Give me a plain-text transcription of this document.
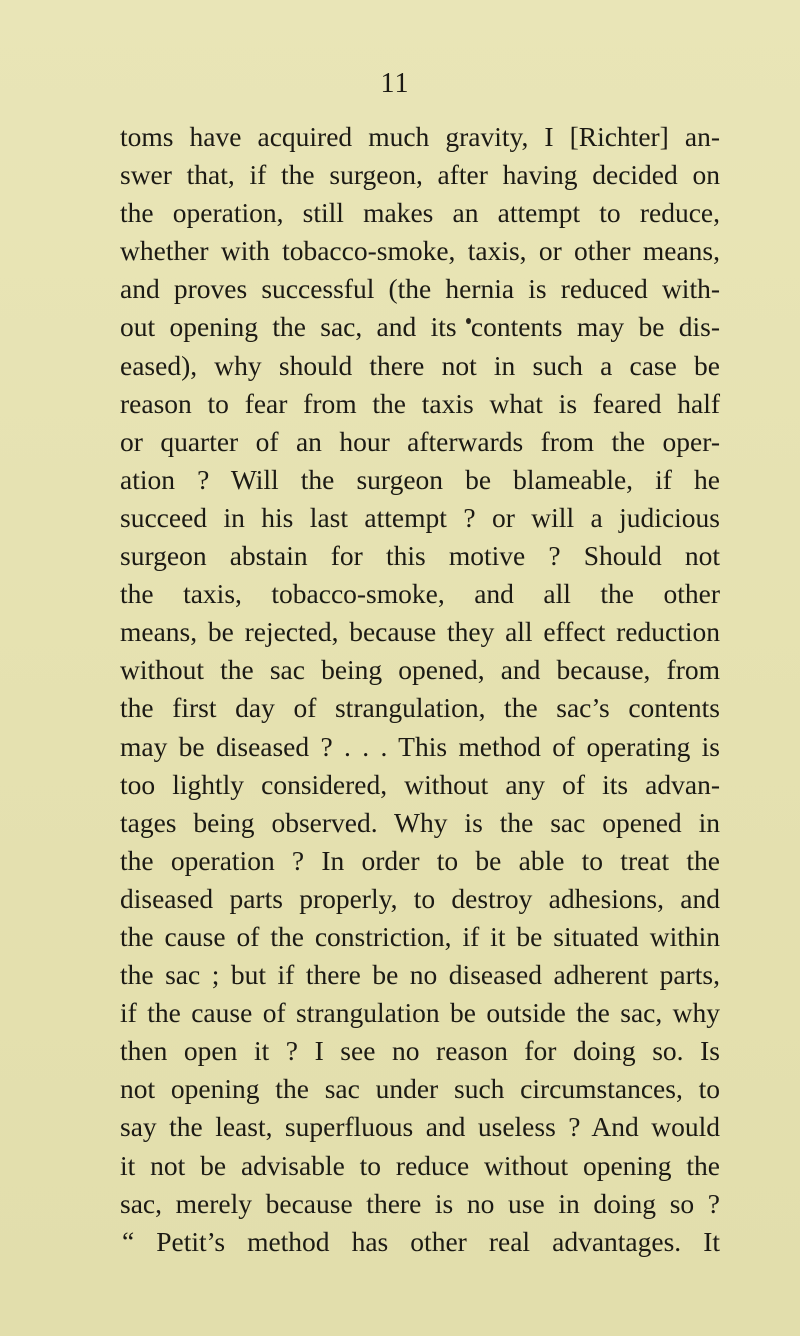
11
toms have acquired much gravity, I [Richter] an-
swer that, if the surgeon, after having decided on
the operation, still makes an attempt to reduce,
whether with tobacco-smoke, taxis, or other means,
and proves successful (the hernia is reduced with-
out opening the sac, and its contents may be dis-
eased), why should there not in such a case be
reason to fear from the taxis what is feared half
or quarter of an hour afterwards from the oper-
ation ? Will the surgeon be blameable, if he
succeed in his last attempt ? or will a judicious
surgeon abstain for this motive ? Should not
the taxis, tobacco-smoke, and all the other
means, be rejected, because they all effect reduction
without the sac being opened, and because, from
the first day of strangulation, the sac’s contents
may be diseased ? . . . This method of operating is
too lightly considered, without any of its advan-
tages being observed. Why is the sac opened in
the operation ? In order to be able to treat the
diseased parts properly, to destroy adhesions, and
the cause of the constriction, if it be situated within
the sac ; but if there be no diseased adherent parts,
if the cause of strangulation be outside the sac, why
then open it ? I see no reason for doing so. Is
not opening the sac under such circumstances, to
say the least, superfluous and useless ? And would
it not be advisable to reduce without opening the
sac, merely because there is no use in doing so ?
“ Petit’s method has other real advantages. It
